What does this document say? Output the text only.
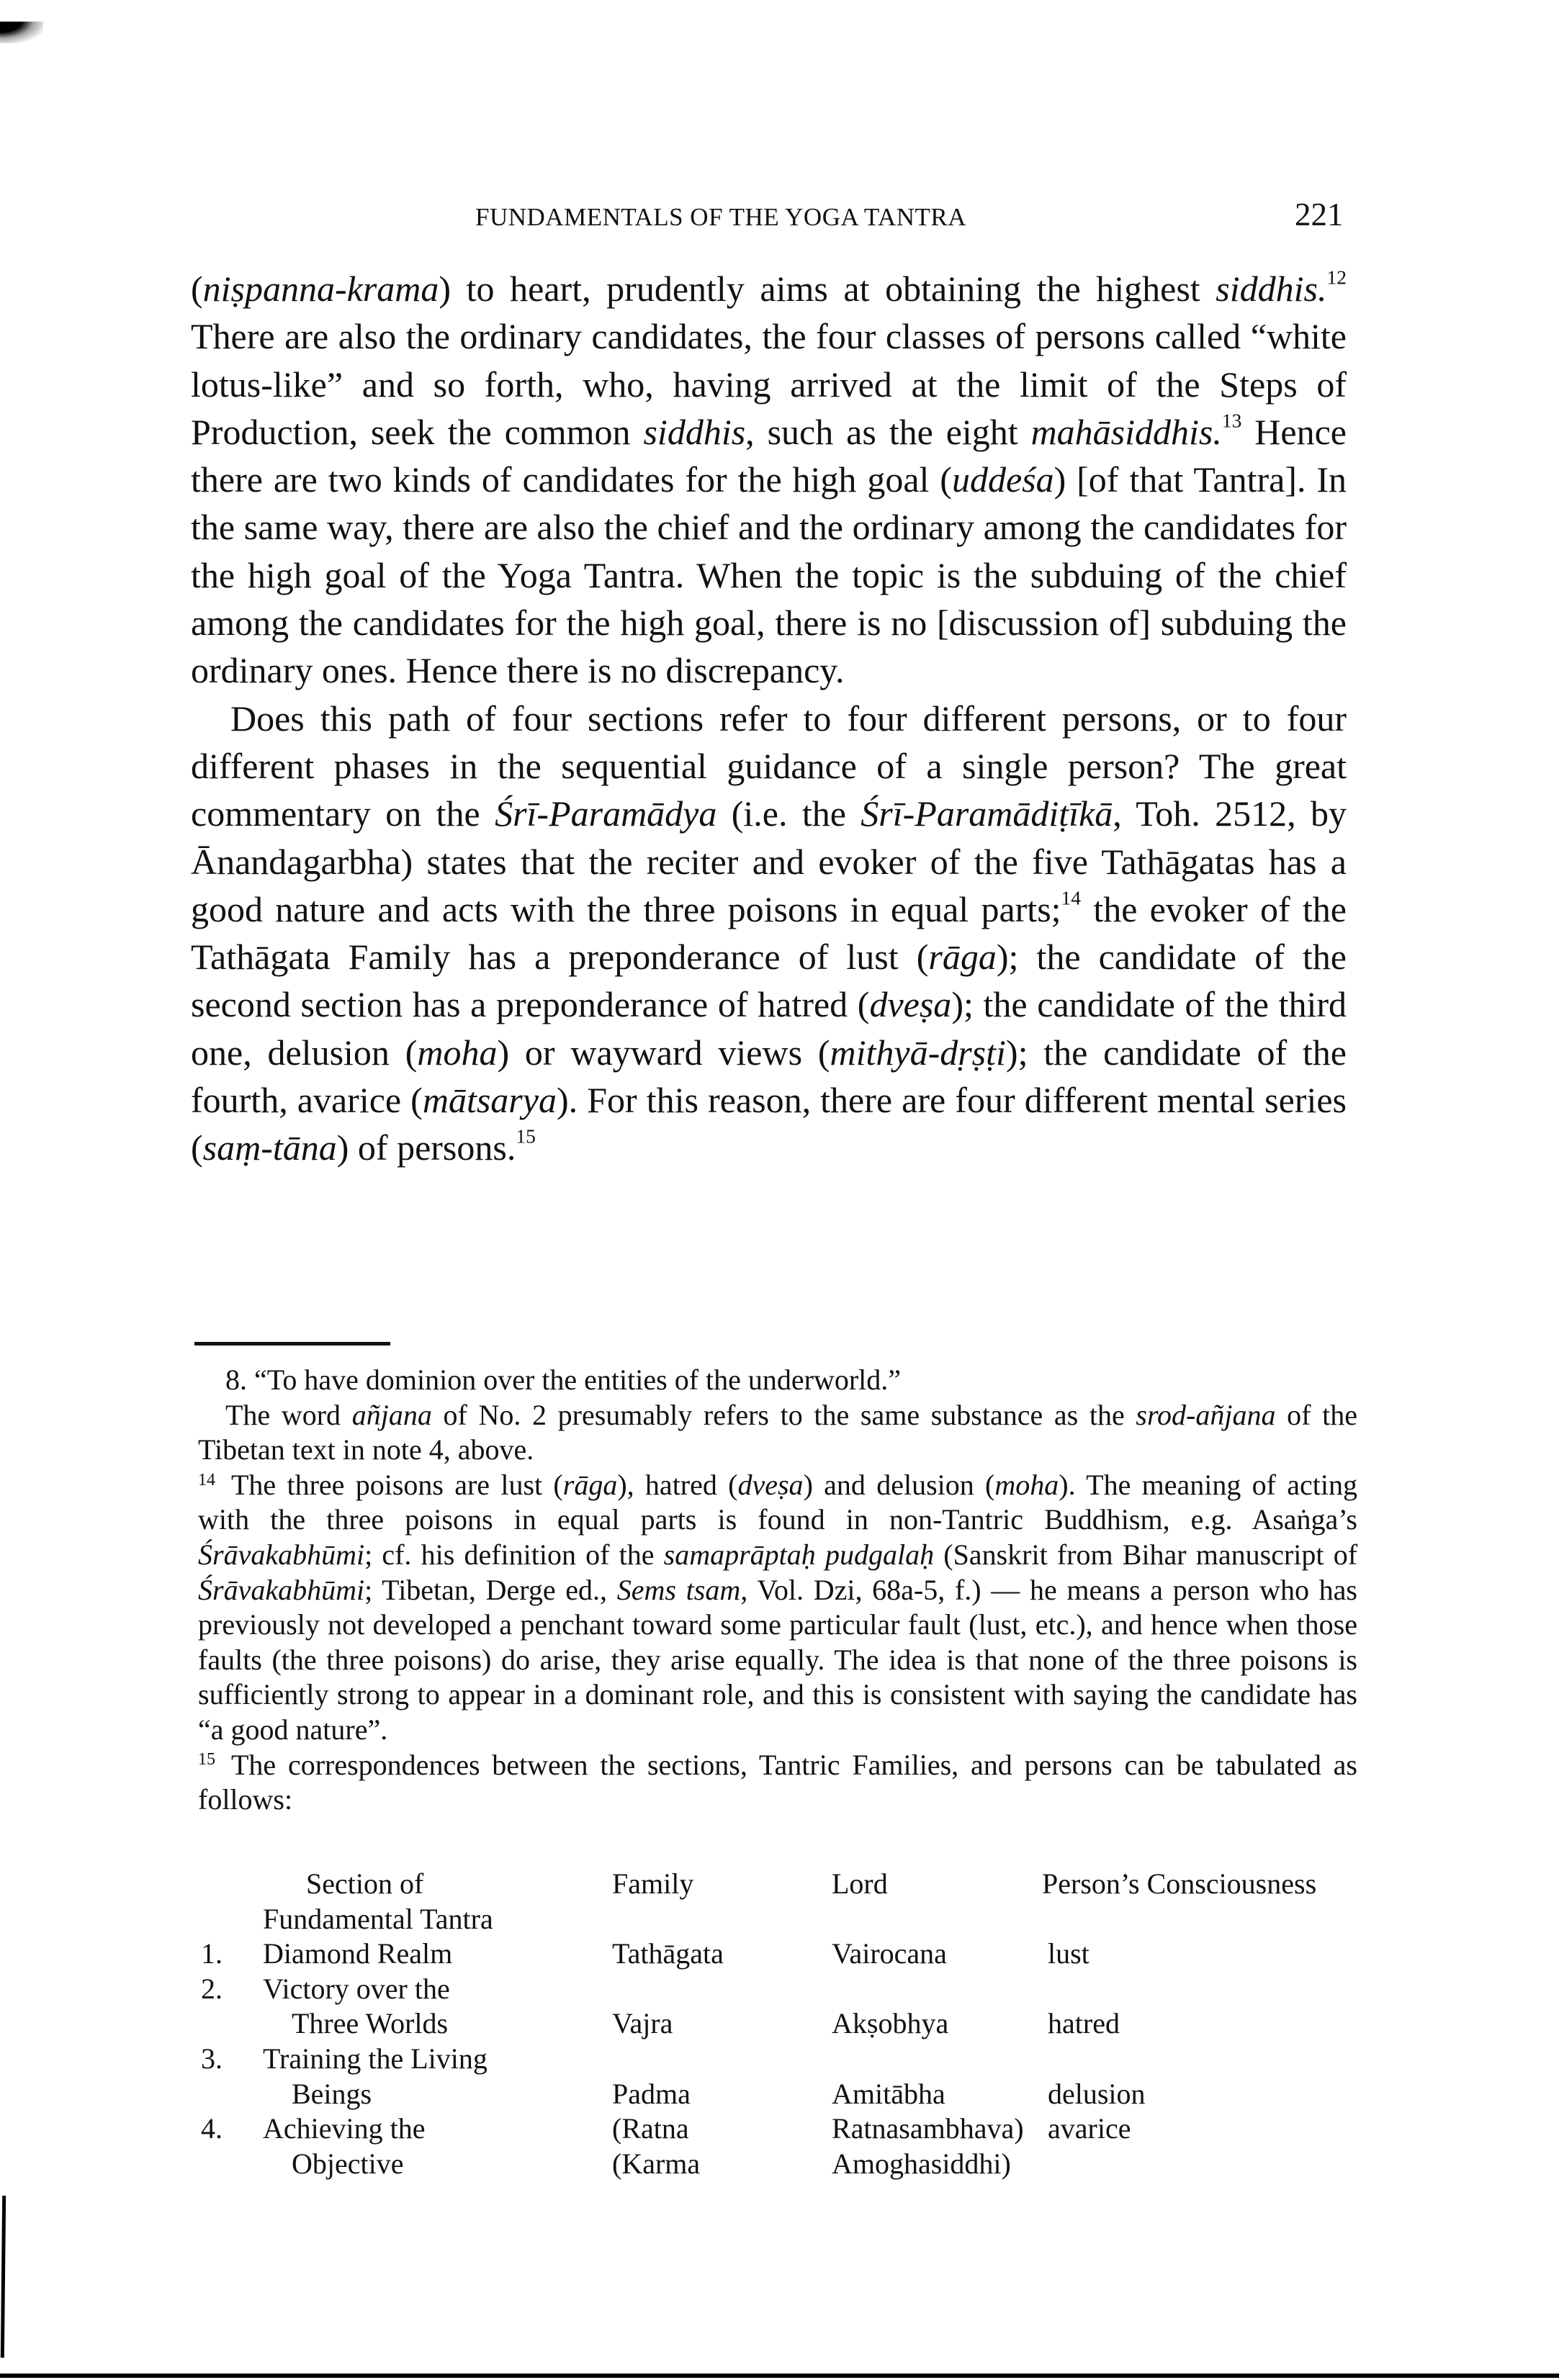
FUNDAMENTALS OF THE YOGA TANTRA	221

(niṣpanna-krama) to heart, prudently aims at obtaining the highest siddhis.$^{12}$ There are also the ordinary candidates, the four classes of persons called “white lotus-like” and so forth, who, having arrived at the limit of the Steps of Production, seek the common siddhis, such as the eight mahāsiddhis.$^{13}$ Hence there are two kinds of candidates for the high goal (uddeśa) [of that Tantra]. In the same way, there are also the chief and the ordinary among the candidates for the high goal of the Yoga Tantra. When the topic is the subduing of the chief among the candidates for the high goal, there is no [discussion of] subduing the ordinary ones. Hence there is no discrepancy.

Does this path of four sections refer to four different persons, or to four different phases in the sequential guidance of a single person? The great commentary on the Śrī-Paramādya (i.e. the Śrī-Paramādiṭīkā, Toh. 2512, by Ānandagarbha) states that the reciter and evoker of the five Tathāgatas has a good nature and acts with the three poisons in equal parts;$^{14}$ the evoker of the Tathāgata Family has a preponderance of lust (rāga); the candidate of the second section has a preponderance of hatred (dveṣa); the candidate of the third one, delusion (moha) or wayward views (mithyā-dṛṣṭi); the candidate of the fourth, avarice (mātsarya). For this reason, there are four different mental series (saṃ-tāna) of persons.$^{15}$

8. “To have dominion over the entities of the underworld.”

The word añjana of No. 2 presumably refers to the same substance as the srod-añjana of the Tibetan text in note 4, above.

$^{14}$ The three poisons are lust (rāga), hatred (dveṣa) and delusion (moha). The meaning of acting with the three poisons in equal parts is found in non-Tantric Buddhism, e.g. Asaṅga’s Śrāvakabhūmi; cf. his definition of the samaprāptaḥ pudgalaḥ (Sanskrit from Bihar manuscript of Śrāvakabhūmi; Tibetan, Derge ed., Sems tsam, Vol. Dzi, 68a-5, f.) — he means a person who has previously not developed a penchant toward some particular fault (lust, etc.), and hence when those faults (the three poisons) do arise, they arise equally. The idea is that none of the three poisons is sufficiently strong to appear in a dominant role, and this is consistent with saying the candidate has “a good nature”.

$^{15}$ The correspondences between the sections, Tantric Families, and persons can be tabulated as follows:

Section of	Family	Lord	Person’s Consciousness
Fundamental Tantra
1. Diamond Realm	Tathāgata	Vairocana	lust
2. Victory over the
Three Worlds	Vajra	Akṣobhya	hatred
3. Training the Living
Beings	Padma	Amitābha	delusion
4. Achieving the	(Ratna	Ratnasambhava) avarice
Objective	(Karma	Amoghasiddhi)
